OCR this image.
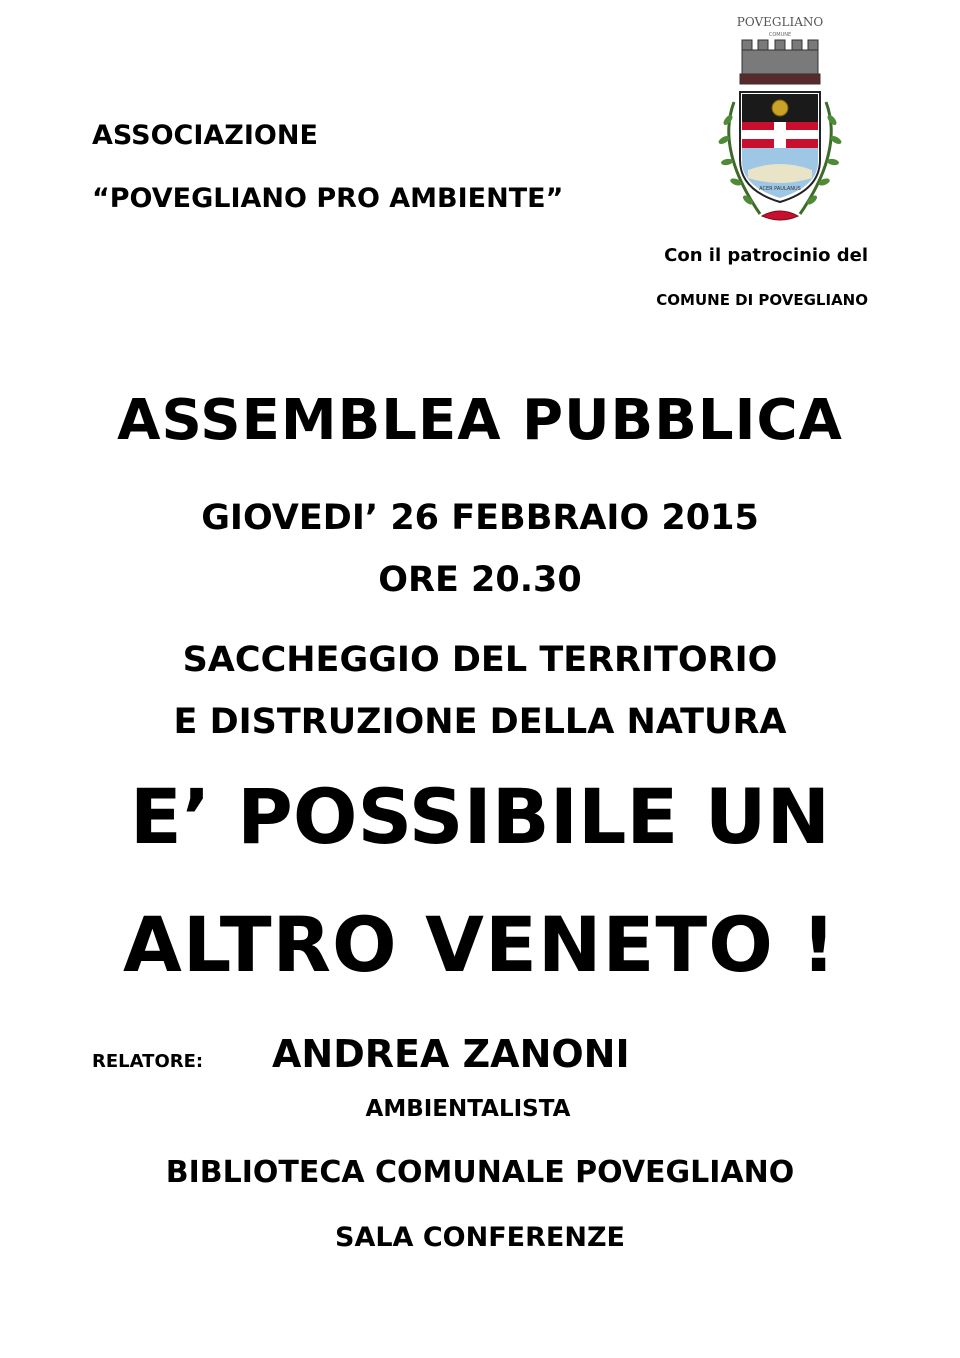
ASSOCIAZIONE
“POVEGLIANO PRO AMBIENTE”
POVEGLIANO
COMUNE
ACER PAULANUS
Con il patrocinio del
COMUNE DI POVEGLIANO
ASSEMBLEA PUBBLICA
GIOVEDI’ 26 FEBBRAIO 2015
ORE 20.30
SACCHEGGIO DEL TERRITORIO
E DISTRUZIONE DELLA NATURA
E’ POSSIBILE UN
ALTRO VENETO !
RELATORE: ANDREA ZANONI
AMBIENTALISTA
BIBLIOTECA COMUNALE POVEGLIANO
SALA CONFERENZE
